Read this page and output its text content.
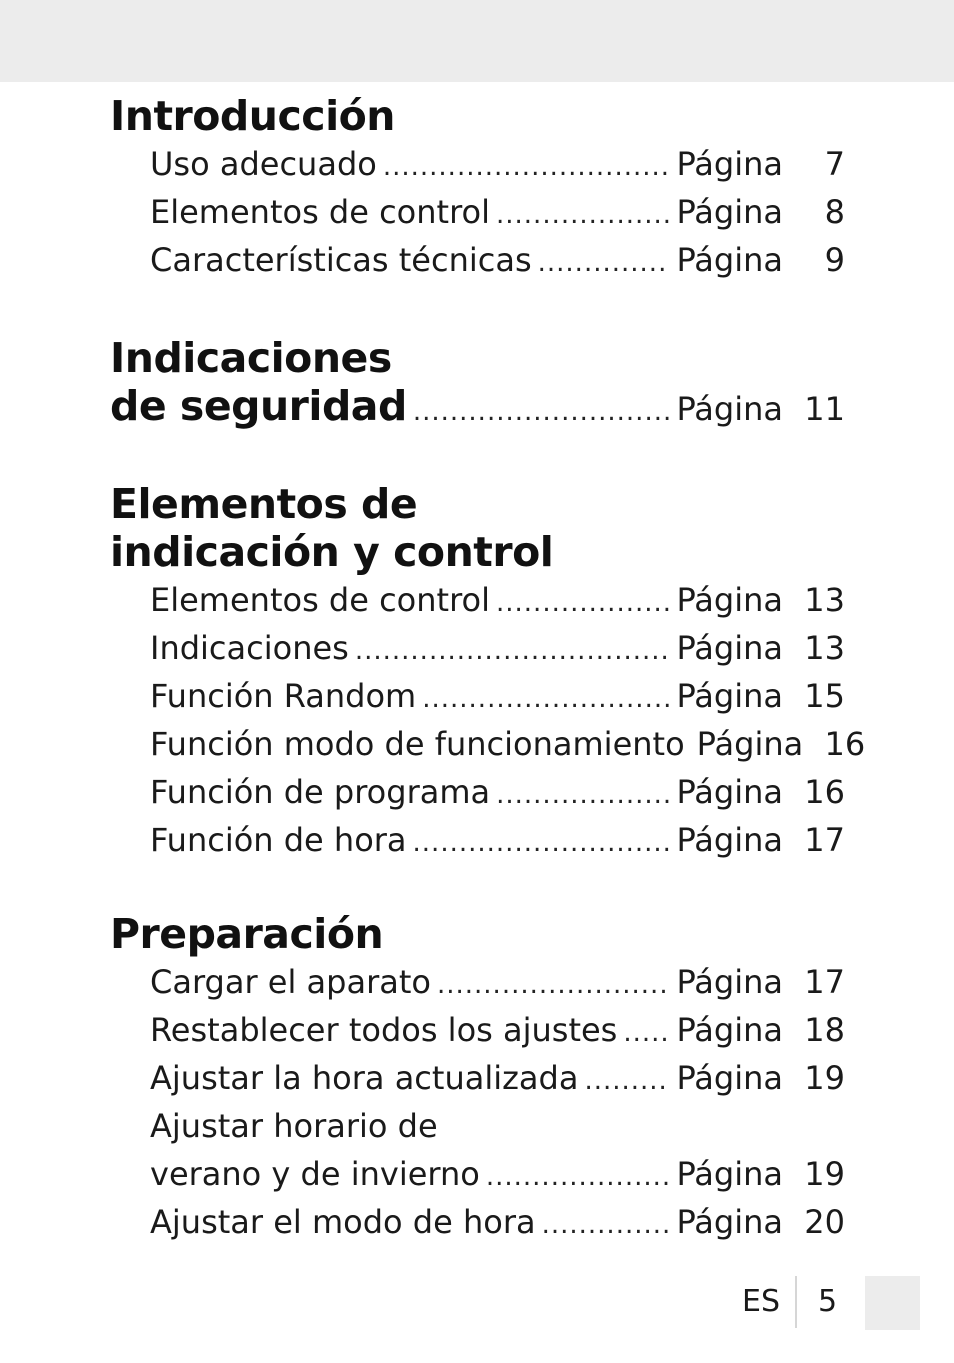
Introducción
Uso adecuado .....	Página	7
Elementos de control .....	Página	8
Características técnicas .....	Página	9
Indicaciones
de seguridad .....	Página 11
Elementos de
indicación y control
Elementos de control .....	Página 13
Indicaciones .....	Página 13
Función Random .....	Página 15
Función modo de funcionamiento Página 16
Función de programa .....	Página 16
Función de hora .....	Página 17
Preparación
Cargar el aparato .....	Página 17
Restablecer todos los ajustes ..... Página 18
Ajustar la hora actualizada .....	Página 19
Ajustar horario de
verano y de invierno .....	Página 19
Ajustar el modo de hora .....	Página 20
ES 5
